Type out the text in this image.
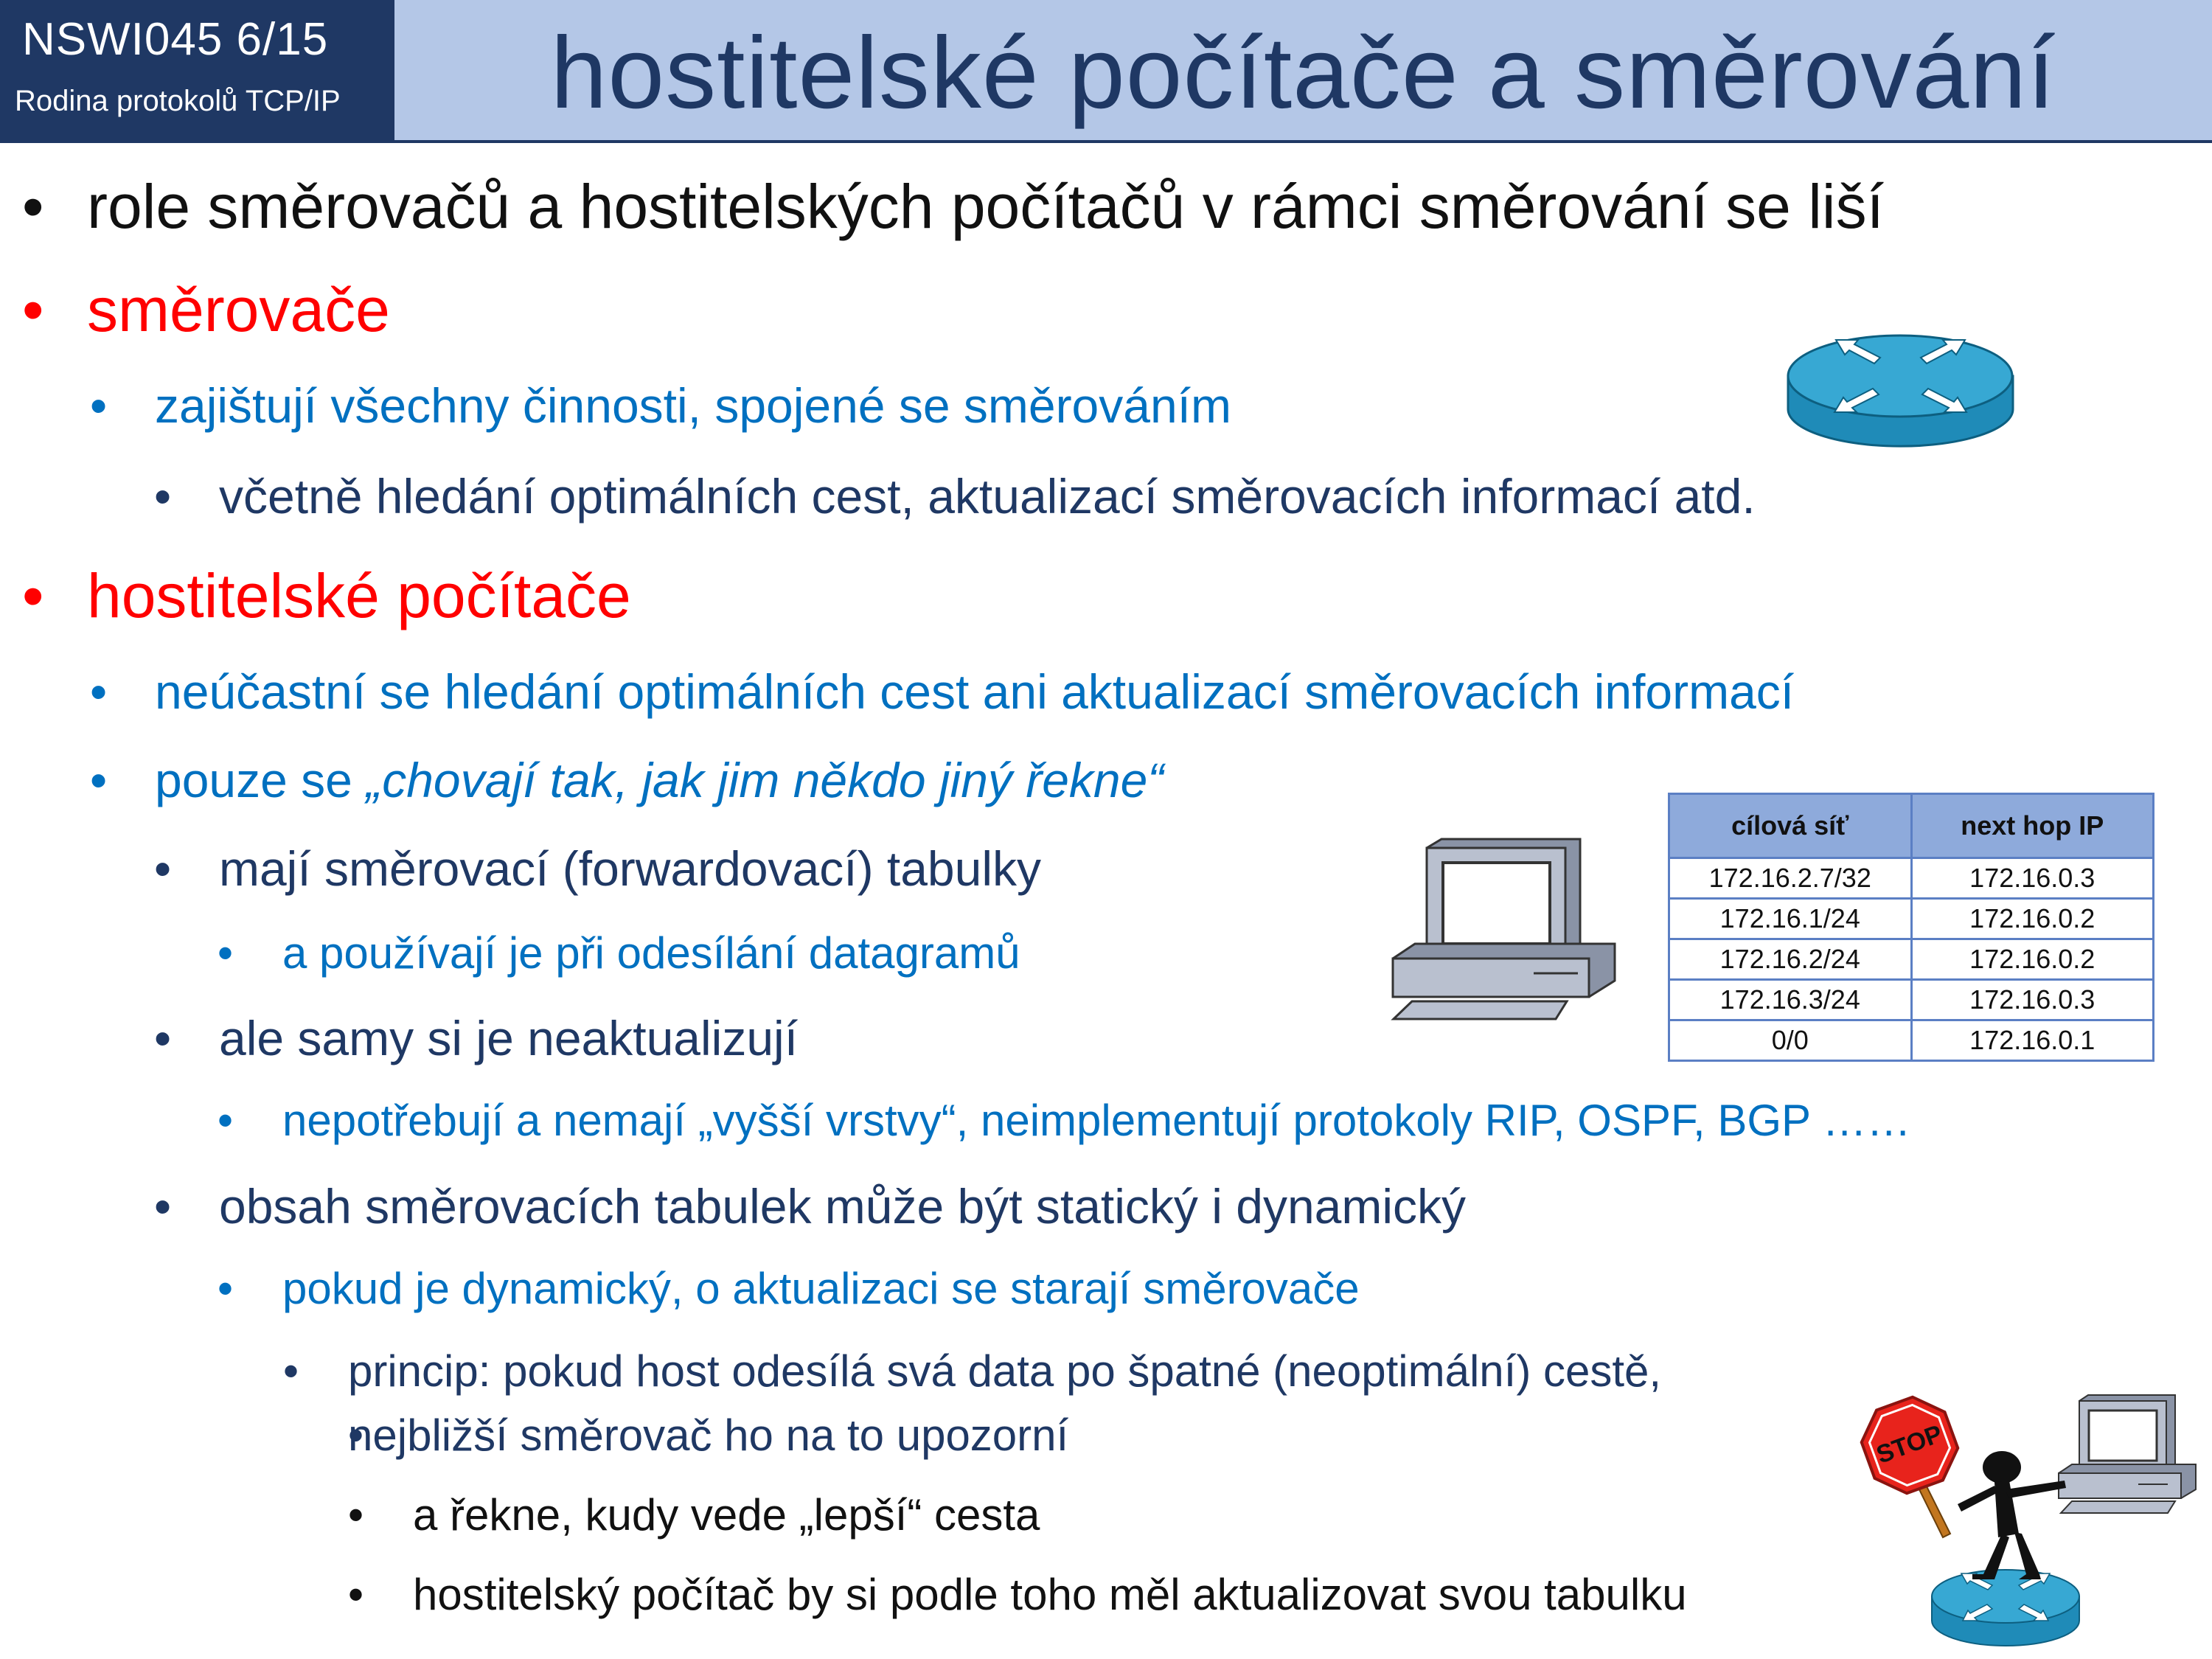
NSWI045 6/15
Rodina protokolů TCP/IP	hostitelské počítače a směrování
• role směrovačů a hostitelských počítačů v rámci směrování se liší
• směrovače
• zajištují všechny činnosti, spojené se směrováním
• včetně hledání optimálních cest, aktualizací směrovacích informací atd.
• hostitelské počítače
• neúčastní se hledání optimálních cest ani aktualizací směrovacích informací
• pouze se „chovají tak, jak jim někdo jiný řekne“
• mají směrovací (forwardovací) tabulky
• a používají je při odesílání datagramů
• ale samy si je neaktualizují
• nepotřebují a nemají „vyšší vrstvy“, neimplementují protokoly RIP, OSPF, BGP ……
• obsah směrovacích tabulek může být statický i dynamický
• pokud je dynamický, o aktualizaci se starají směrovače
• princip: pokud host odesílá svá data po špatné (neoptimální) cestě,
• nejbližší směrovač ho na to upozorní
• a řekne, kudy vede „lepší“ cesta
• hostitelský počítač by si podle toho měl aktualizovat svou tabulku
cílová síť	next hop IP
172.16.2.7/32	172.16.0.3
172.16.1/24	172.16.0.2
172.16.2/24	172.16.0.2
172.16.3/24	172.16.0.3
0/0	172.16.0.1
STOP
